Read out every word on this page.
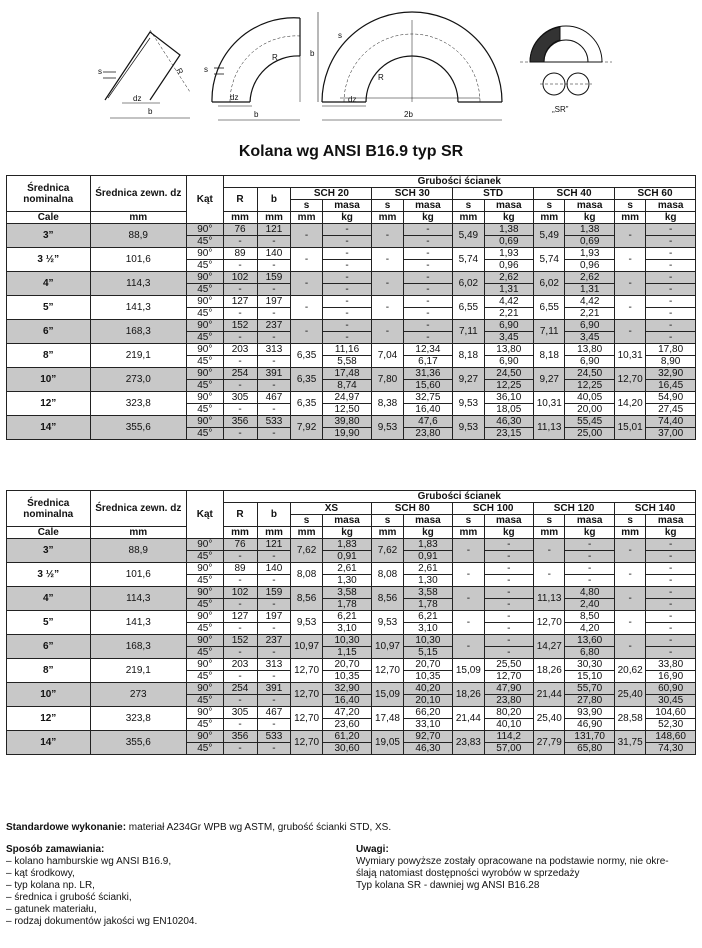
dz
b
s	R
dz
b
s
R
dz
2b
b
s
R
„SR”
Kolana wg ANSI B16.9 typ SR
Średnica nominalna	Średnica zewn. dz	Kąt	Grubości ścianek											
			R	b	SCH 20		SCH 30		STD		SCH 40		SCH 60	
					s	masa	s	masa	s	masa	s	masa	s	masa
Cale	mm		mm	mm	mm	kg	mm	kg	mm	kg	mm	kg	mm	kg
3”	88,9	90°	76	121	-	-	-	-	5,49	1,38	5,49	1,38	-	-
		45°	-	-		-		-		0,69		0,69		-
3 ½”	101,6	90°	89	140	-	-	-	-	5,74	1,93	5,74	1,93	-	-
		45°	-	-		-		-		0,96		0,96		-
4”	114,3	90°	102	159	-	-	-	-	6,02	2,62	6,02	2,62	-	-
		45°	-	-		-		-		1,31		1,31		-
5”	141,3	90°	127	197	-	-	-	-	6,55	4,42	6,55	4,42	-	-
		45°	-	-		-		-		2,21		2,21		-
6”	168,3	90°	152	237	-	-	-	-	7,11	6,90	7,11	6,90	-	-
		45°	-	-		-		-		3,45		3,45		-
8”	219,1	90°	203	313	6,35	11,16	7,04	12,34	8,18	13,80	8,18	13,80	10,31	17,80
		45°	-	-		5,58		6,17		6,90		6,90		8,90
10”	273,0	90°	254	391	6,35	17,48	7,80	31,36	9,27	24,50	9,27	24,50	12,70	32,90
		45°	-	-		8,74		15,60		12,25		12,25		16,45
12”	323,8	90°	305	467	6,35	24,97	8,38	32,75	9,53	36,10	10,31	40,05	14,20	54,90
		45°	-	-		12,50		16,40		18,05		20,00		27,45
14”	355,6	90°	356	533	7,92	39,80	9,53	47,6	9,53	46,30	11,13	55,45	15,01	74,40
		45°	-	-		19,90		23,80		23,15		25,00		37,00
Średnica nominalna	Średnica zewn. dz	Kąt	Grubości ścianek											
			R	b	XS		SCH 80		SCH 100		SCH 120		SCH 140	
					s	masa	s	masa	s	masa	s	masa	s	masa
Cale	mm		mm	mm	mm	kg	mm	kg	mm	kg	mm	kg	mm	kg
3”	88,9	90°	76	121	7,62	1,83	7,62	1,83	-	-	-	-	-	-
		45°	-	-		0,91		0,91		-		-		-
3 ½”	101,6	90°	89	140	8,08	2,61	8,08	2,61	-	-	-	-	-	-
		45°	-	-		1,30		1,30		-		-		-
4”	114,3	90°	102	159	8,56	3,58	8,56	3,58	-	-	11,13	4,80	-	-
		45°	-	-		1,78		1,78		-		2,40		-
5”	141,3	90°	127	197	9,53	6,21	9,53	6,21	-	-	12,70	8,50	-	-
		45°	-	-		3,10		3,10		-		4,20		-
6”	168,3	90°	152	237	10,97	10,30	10,97	10,30	-	-	14,27	13,60	-	-
		45°	-	-		1,15		5,15		-		6,80		-
8”	219,1	90°	203	313	12,70	20,70	12,70	20,70	15,09	25,50	18,26	30,30	20,62	33,80
		45°	-	-		10,35		10,35		12,70		15,10		16,90
10”	273	90°	254	391	12,70	32,90	15,09	40,20	18,26	47,90	21,44	55,70	25,40	60,90
		45°	-	-		16,40		20,10		23,80		27,80		30,45
12”	323,8	90°	305	467	12,70	47,20	17,48	66,20	21,44	80,20	25,40	93,90	28,58	104,60
		45°	-	-		23,60		33,10		40,10		46,90		52,30
14”	355,6	90°	356	533	12,70	61,20	19,05	92,70	23,83	114,2	27,79	131,70	31,75	148,60
		45°	-	-		30,60		46,30		57,00		65,80		74,30
Standardowe wykonanie: materiał A234Gr WPB wg ASTM, grubość ścianki STD, XS.
Sposób zamawiania:
– kolano hamburskie wg ANSI B16.9,
– kąt środkowy,
– typ kolana np. LR,
– średnica i grubość ścianki,
– gatunek materiału,
– rodzaj dokumentów jakości wg EN10204.
Uwagi:
Wymiary powyższe zostały opracowane na podstawie normy, nie okre-
ślają natomiast dostępności wyrobów w sprzedaży
Typ kolana SR - dawniej wg ANSI B16.28
